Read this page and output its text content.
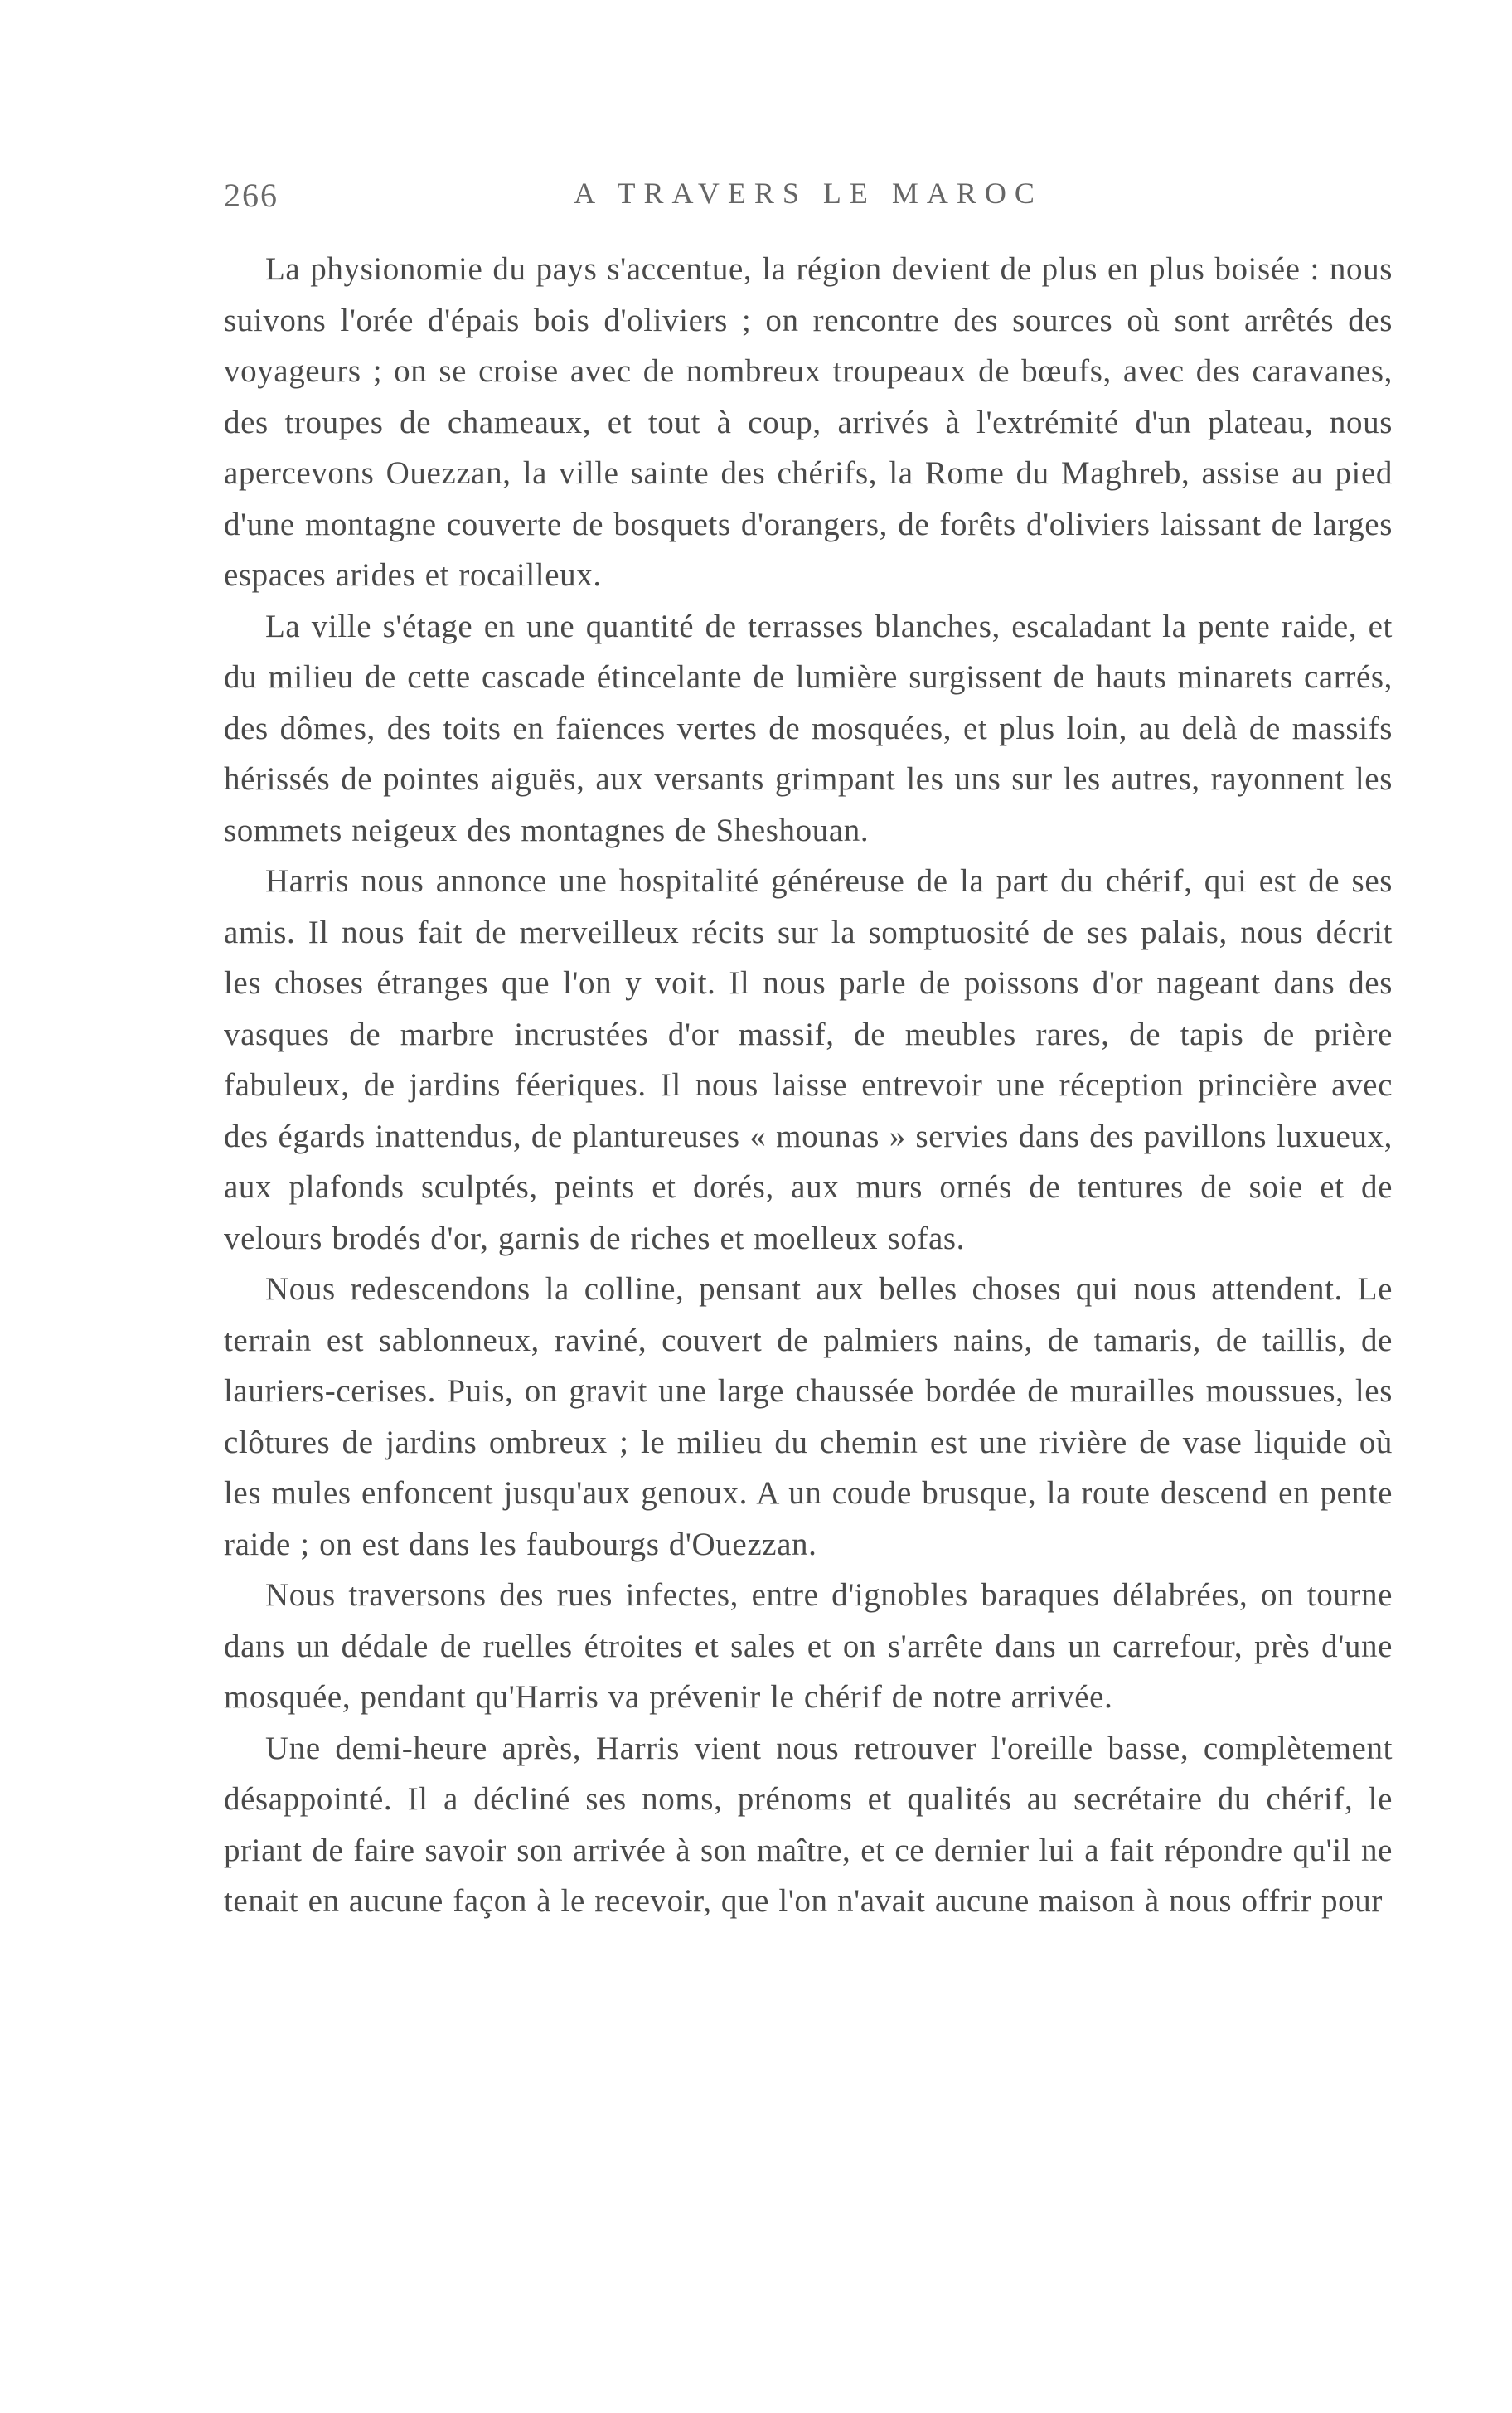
266	A TRAVERS LE MAROC

La physionomie du pays s'accentue, la région devient de plus en plus boisée : nous suivons l'orée d'épais bois d'oliviers ; on rencontre des sources où sont arrêtés des voyageurs ; on se croise avec de nombreux troupeaux de bœufs, avec des caravanes, des troupes de chameaux, et tout à coup, arrivés à l'extrémité d'un plateau, nous apercevons Ouezzan, la ville sainte des chérifs, la Rome du Maghreb, assise au pied d'une montagne couverte de bosquets d'orangers, de forêts d'oliviers laissant de larges espaces arides et rocailleux.

La ville s'étage en une quantité de terrasses blanches, escaladant la pente raide, et du milieu de cette cascade étincelante de lumière surgissent de hauts minarets carrés, des dômes, des toits en faïences vertes de mosquées, et plus loin, au delà de massifs hérissés de pointes aiguës, aux versants grimpant les uns sur les autres, rayonnent les sommets neigeux des montagnes de Sheshouan.

Harris nous annonce une hospitalité généreuse de la part du chérif, qui est de ses amis. Il nous fait de merveilleux récits sur la somptuosité de ses palais, nous décrit les choses étranges que l'on y voit. Il nous parle de poissons d'or nageant dans des vasques de marbre incrustées d'or massif, de meubles rares, de tapis de prière fabuleux, de jardins féeriques. Il nous laisse entrevoir une réception princière avec des égards inattendus, de plantureuses « mounas » servies dans des pavillons luxueux, aux plafonds sculptés, peints et dorés, aux murs ornés de tentures de soie et de velours brodés d'or, garnis de riches et moelleux sofas.

Nous redescendons la colline, pensant aux belles choses qui nous attendent. Le terrain est sablonneux, raviné, couvert de palmiers nains, de tamaris, de taillis, de lauriers-cerises. Puis, on gravit une large chaussée bordée de murailles moussues, les clôtures de jardins ombreux ; le milieu du chemin est une rivière de vase liquide où les mules enfoncent jusqu'aux genoux. A un coude brusque, la route descend en pente raide ; on est dans les faubourgs d'Ouezzan.

Nous traversons des rues infectes, entre d'ignobles baraques délabrées, on tourne dans un dédale de ruelles étroites et sales et on s'arrête dans un carrefour, près d'une mosquée, pendant qu'Harris va prévenir le chérif de notre arrivée.

Une demi-heure après, Harris vient nous retrouver l'oreille basse, complètement désappointé. Il a décliné ses noms, prénoms et qualités au secrétaire du chérif, le priant de faire savoir son arrivée à son maître, et ce dernier lui a fait répondre qu'il ne tenait en aucune façon à le recevoir, que l'on n'avait aucune maison à nous offrir pour
